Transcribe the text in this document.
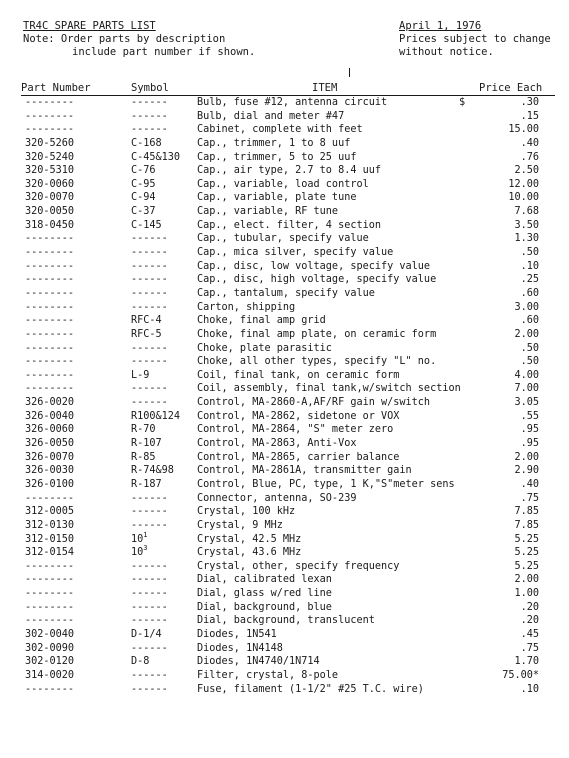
TR4C SPARE PARTS LIST
Note: Order parts by description
include part number if shown.
April 1, 1976
Prices subject to change
without notice.
Part Number	Symbol	ITEM	Price Each
--------	------	Bulb, fuse #12, antenna circuit	$	.30
--------	------	Bulb, dial and meter #47	.15
--------	------	Cabinet, complete with feet	15.00
320-5260	C-168	Cap., trimmer, 1 to 8 uuf	.40
320-5240	C-45&130 Cap., trimmer, 5 to 25 uuf	.76
320-5310	C-76	Cap., air type, 2.7 to 8.4 uuf	2.50
320-0060	C-95	Cap., variable, load control	12.00
320-0070	C-94	Cap., variable, plate tune	10.00
320-0050	C-37	Cap., variable, RF tune	7.68
318-0450	C-145	Cap., elect. filter, 4 section	3.50
--------	------	Cap., tubular, specify value	1.30
--------	------	Cap., mica silver, specify value	.50
--------	------	Cap., disc, low voltage, specify value	.10
--------	------	Cap., disc, high voltage, specify value	.25
--------	------	Cap., tantalum, specify value	.60
--------	------	Carton, shipping	3.00
--------	RFC-4	Choke, final amp grid	.60
--------	RFC-5	Choke, final amp plate, on ceramic form	2.00
--------	------	Choke, plate parasitic	.50
--------	------	Choke, all other types, specify "L" no.	.50
--------	L-9	Coil, final tank, on ceramic form	4.00
--------	------	Coil, assembly, final tank,w/switch section	7.00
326-0020	------	Control, MA-2860-A,AF/RF gain w/switch	3.05
326-0040	R100&124 Control, MA-2862, sidetone or VOX	.55
326-0060	R-70	Control, MA-2864, "S" meter zero	.95
326-0050	R-107	Control, MA-2863, Anti-Vox	.95
326-0070	R-85	Control, MA-2865, carrier balance	2.00
326-0030	R-74&98 Control, MA-2861A, transmitter gain	2.90
326-0100	R-187	Control, Blue, PC, type, 1 K,"S"meter sens	.40
--------	------	Connector, antenna, SO-239	.75
312-0005	------	Crystal, 100 kHz	7.85
312-0130	------	Crystal, 9 MHz	7.85
312-0150	$10^1$	Crystal, 42.5 MHz	5.25
312-0154	$10^3$	Crystal, 43.6 MHz	5.25
--------	------	Crystal, other, specify frequency	5.25
--------	------	Dial, calibrated lexan	2.00
--------	------	Dial, glass w/red line	1.00
--------	------	Dial, background, blue	.20
--------	------	Dial, background, translucent	.20
302-0040	D-1/4	Diodes, 1N541	.45
302-0090	------	Diodes, 1N4148	.75
302-0120	D-8	Diodes, 1N4740/1N714	1.70
314-0020	------	Filter, crystal, 8-pole	75.00*
--------	------	Fuse, filament (1-1/2" #25 T.C. wire)	.10
